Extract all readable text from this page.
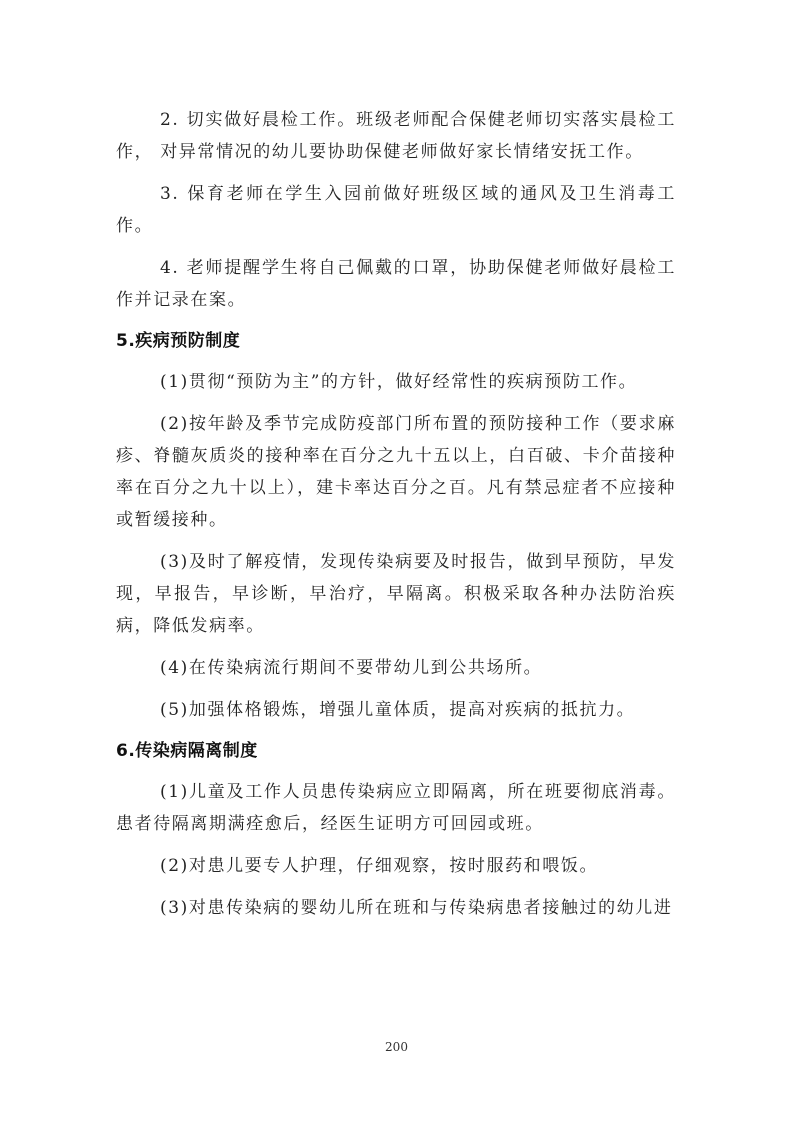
2. 切实做好晨检工作。班级老师配合保健老师切实落实晨检工作， 对异常情况的幼儿要协助保健老师做好家长情绪安抚工作。

3. 保育老师在学生入园前做好班级区域的通风及卫生消毒工作。

4. 老师提醒学生将自己佩戴的口罩，协助保健老师做好晨检工作并记录在案。

5.疾病预防制度

(1)贯彻“预防为主”的方针，做好经常性的疾病预防工作。

(2)按年龄及季节完成防疫部门所布置的预防接种工作（要求麻疹、脊髓灰质炎的接种率在百分之九十五以上，白百破、卡介苗接种率在百分之九十以上），建卡率达百分之百。凡有禁忌症者不应接种或暂缓接种。

(3)及时了解疫情，发现传染病要及时报告，做到早预防，早发现，早报告，早诊断，早治疗，早隔离。积极采取各种办法防治疾病，降低发病率。

(4)在传染病流行期间不要带幼儿到公共场所。

(5)加强体格锻炼，增强儿童体质，提高对疾病的抵抗力。

6.传染病隔离制度

(1)儿童及工作人员患传染病应立即隔离，所在班要彻底消毒。患者待隔离期满痊愈后，经医生证明方可回园或班。

(2)对患儿要专人护理，仔细观察，按时服药和喂饭。

(3)对患传染病的婴幼儿所在班和与传染病患者接触过的幼儿进

200
